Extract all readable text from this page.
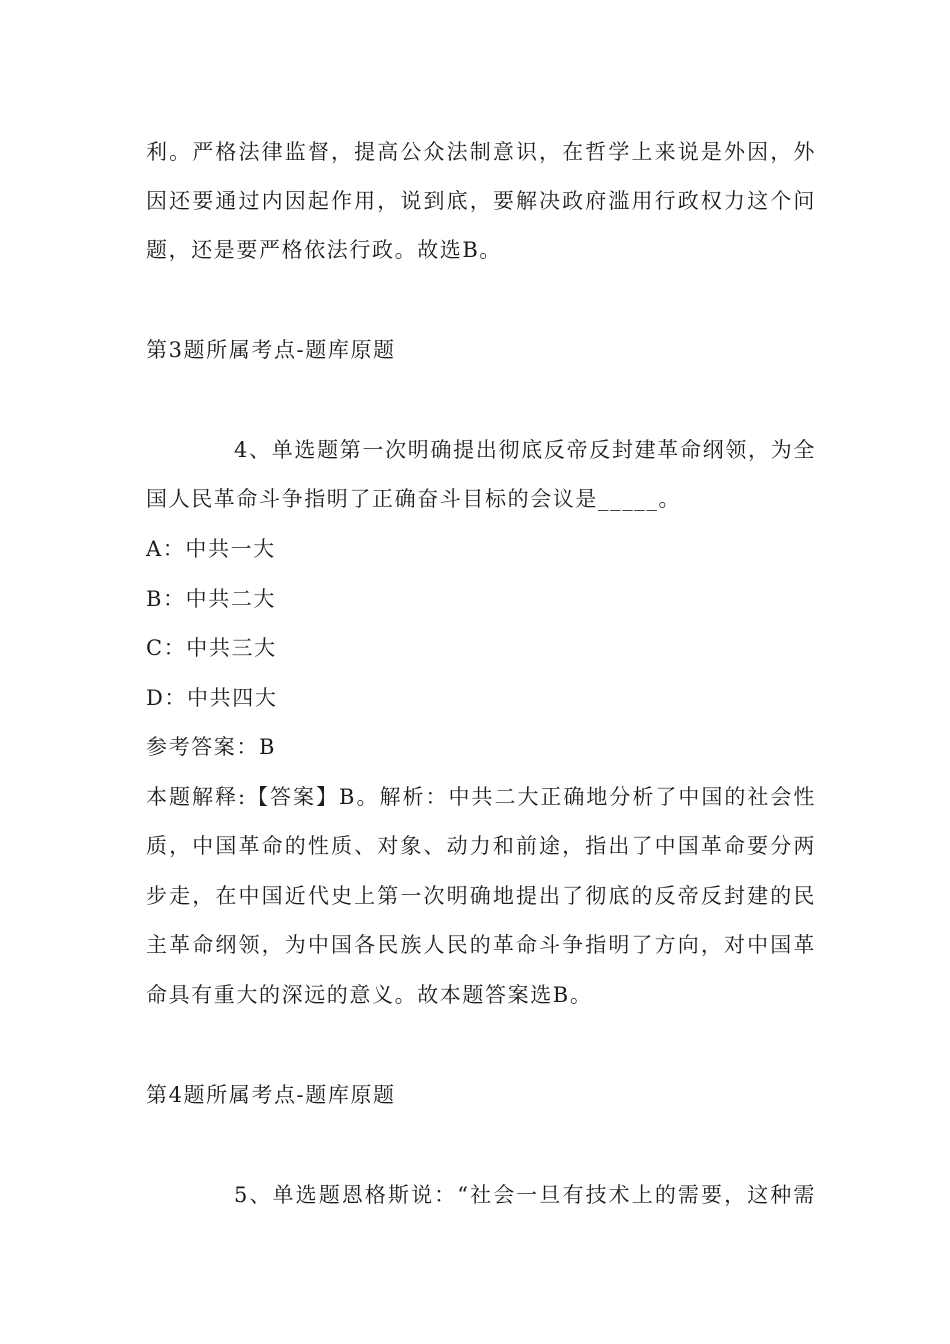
利。严格法律监督，提高公众法制意识，在哲学上来说是外因，外
因还要通过内因起作用，说到底，要解决政府滥用行政权力这个问
题，还是要严格依法行政。故选B。
第3题所属考点-题库原题
4、单选题第一次明确提出彻底反帝反封建革命纲领，为全
国人民革命斗争指明了正确奋斗目标的会议是_____。
A：中共一大
B：中共二大
C：中共三大
D：中共四大
参考答案：B
本题解释:【答案】B。解析：中共二大正确地分析了中国的社会性
质，中国革命的性质、对象、动力和前途，指出了中国革命要分两
步走，在中国近代史上第一次明确地提出了彻底的反帝反封建的民
主革命纲领，为中国各民族人民的革命斗争指明了方向，对中国革
命具有重大的深远的意义。故本题答案选B。
第4题所属考点-题库原题
5、单选题恩格斯说：“社会一旦有技术上的需要，这种需
